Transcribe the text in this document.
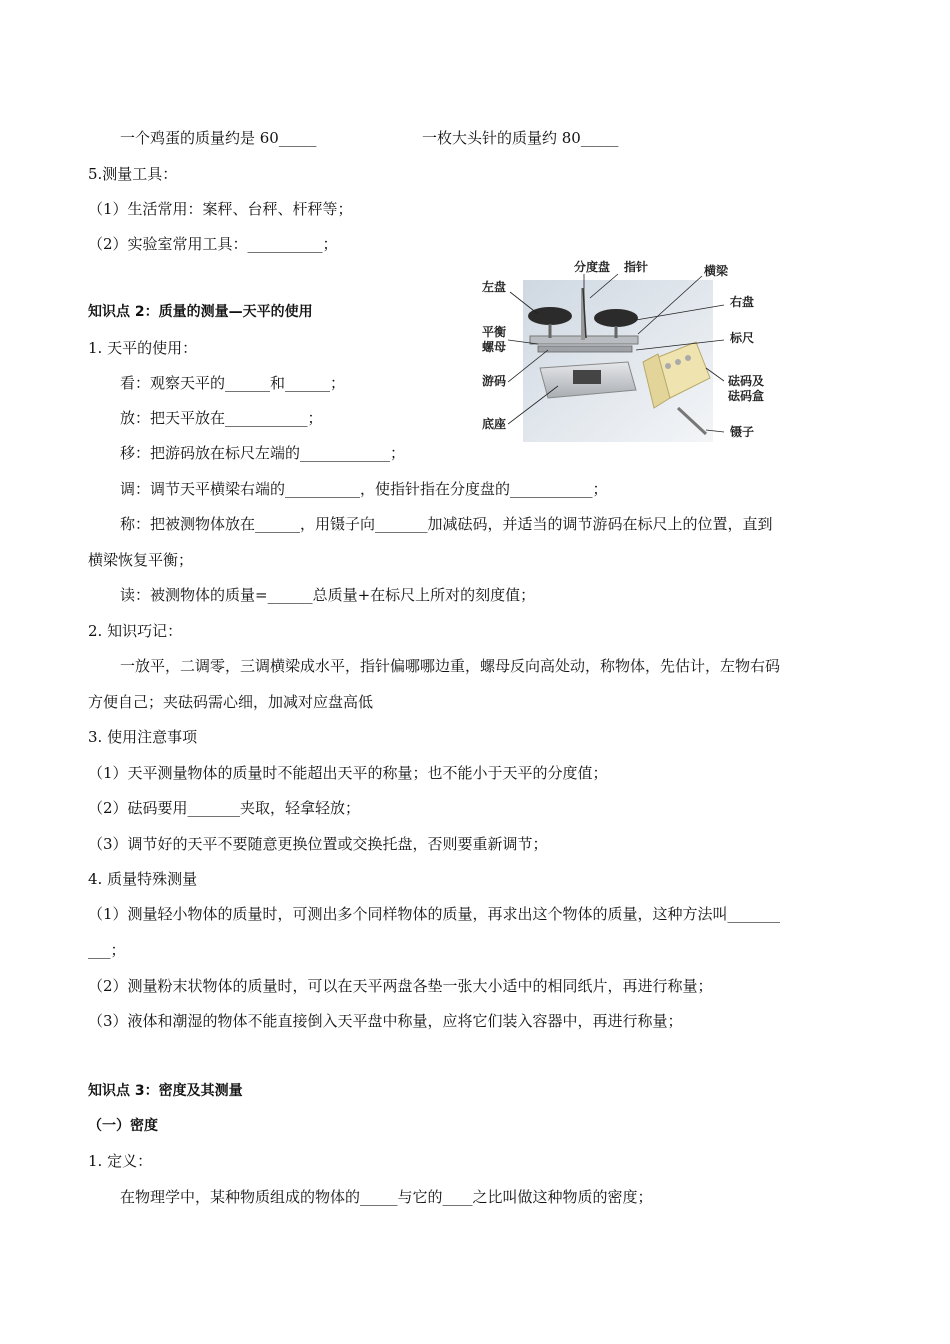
一个鸡蛋的质量约是 60_____	一枚大头针的质量约 80_____
5.测量工具：
（1）生活常用：案秤、台秤、杆秤等；
（2）实验室常用工具：__________；
知识点 2：质量的测量—天平的使用
1. 天平的使用：
看：观察天平的______和______；
放：把天平放在___________；
移：把游码放在标尺左端的____________；
调：调节天平横梁右端的__________，使指针指在分度盘的___________；
称：把被测物体放在______，用镊子向_______加减砝码，并适当的调节游码在标尺上的位置，直到
横梁恢复平衡；
读：被测物体的质量=______总质量+在标尺上所对的刻度值；
2. 知识巧记：
一放平，二调零，三调横梁成水平，指针偏哪哪边重，螺母反向高处动，称物体，先估计，左物右码
方便自己；夹砝码需心细，加减对应盘高低
3. 使用注意事项
（1）天平测量物体的质量时不能超出天平的称量；也不能小于天平的分度值；
（2）砝码要用_______夹取，轻拿轻放；
（3）调节好的天平不要随意更换位置或交换托盘，否则要重新调节；
4. 质量特殊测量
（1）测量轻小物体的质量时，可测出多个同样物体的质量，再求出这个物体的质量，这种方法叫_______
___；
（2）测量粉末状物体的质量时，可以在天平两盘各垫一张大小适中的相同纸片，再进行称量；
（3）液体和潮湿的物体不能直接倒入天平盘中称量，应将它们装入容器中，再进行称量；
知识点 3：密度及其测量
（一）密度
1. 定义：
在物理学中，某种物质组成的物体的_____与它的____之比叫做这种物质的密度；
分度盘 指针	横梁
左盘
右盘
平衡
螺母
标尺
游码	砝码及
砝码盒
底座
镊子
